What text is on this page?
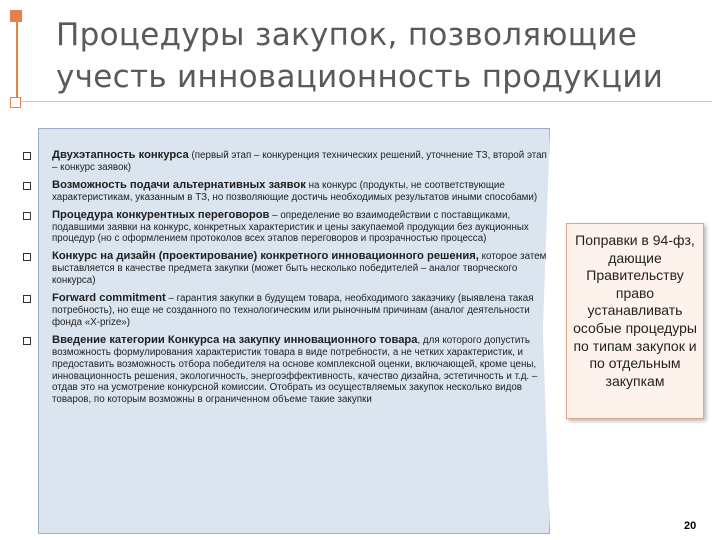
Процедуры закупок, позволяющие
учесть инновационность продукции
Двухэтапность конкурса (первый этап – конкуренция технических решений, уточнение ТЗ, второй этап – конкурс заявок)
Возможность подачи альтернативных заявок на конкурс (продукты, не соответствующие характеристикам, указанным в ТЗ, но позволяющие достичь необходимых результатов иными способами)
Процедура конкурентных переговоров – определение во взаимодействии с поставщиками, подавшими заявки на конкурс, конкретных характеристик и цены закупаемой продукции без аукционных процедур (но с оформлением протоколов всех этапов переговоров и прозрачностью процесса)
Конкурс на дизайн (проектирование) конкретного инновационного решения, которое затем выставляется в качестве предмета закупки (может быть несколько победителей – аналог творческого конкурса)
Forward commitment – гарантия закупки в будущем товара, необходимого заказчику (выявлена такая потребность), но еще не созданного по технологическим или рыночным причинам (аналог деятельности фонда «X-prize»)
Введение категории Конкурса на закупку инновационного товара, для которого допустить возможность формулирования характеристик товара в виде потребности, а не четких характеристик, и предоставить возможность отбора победителя на основе комплексной оценки, включающей, кроме цены, инновационность решения, экологичность, энергоэффективность, качество дизайна, эстетичность и т.д. – отдав это на усмотрение конкурсной комиссии. Отобрать из осуществляемых закупок несколько видов товаров, по которым возможны в ограниченном объеме такие закупки
Поправки в 94-фз, дающие Правительству право устанавливать особые процедуры по типам закупок и по отдельным закупкам
20
